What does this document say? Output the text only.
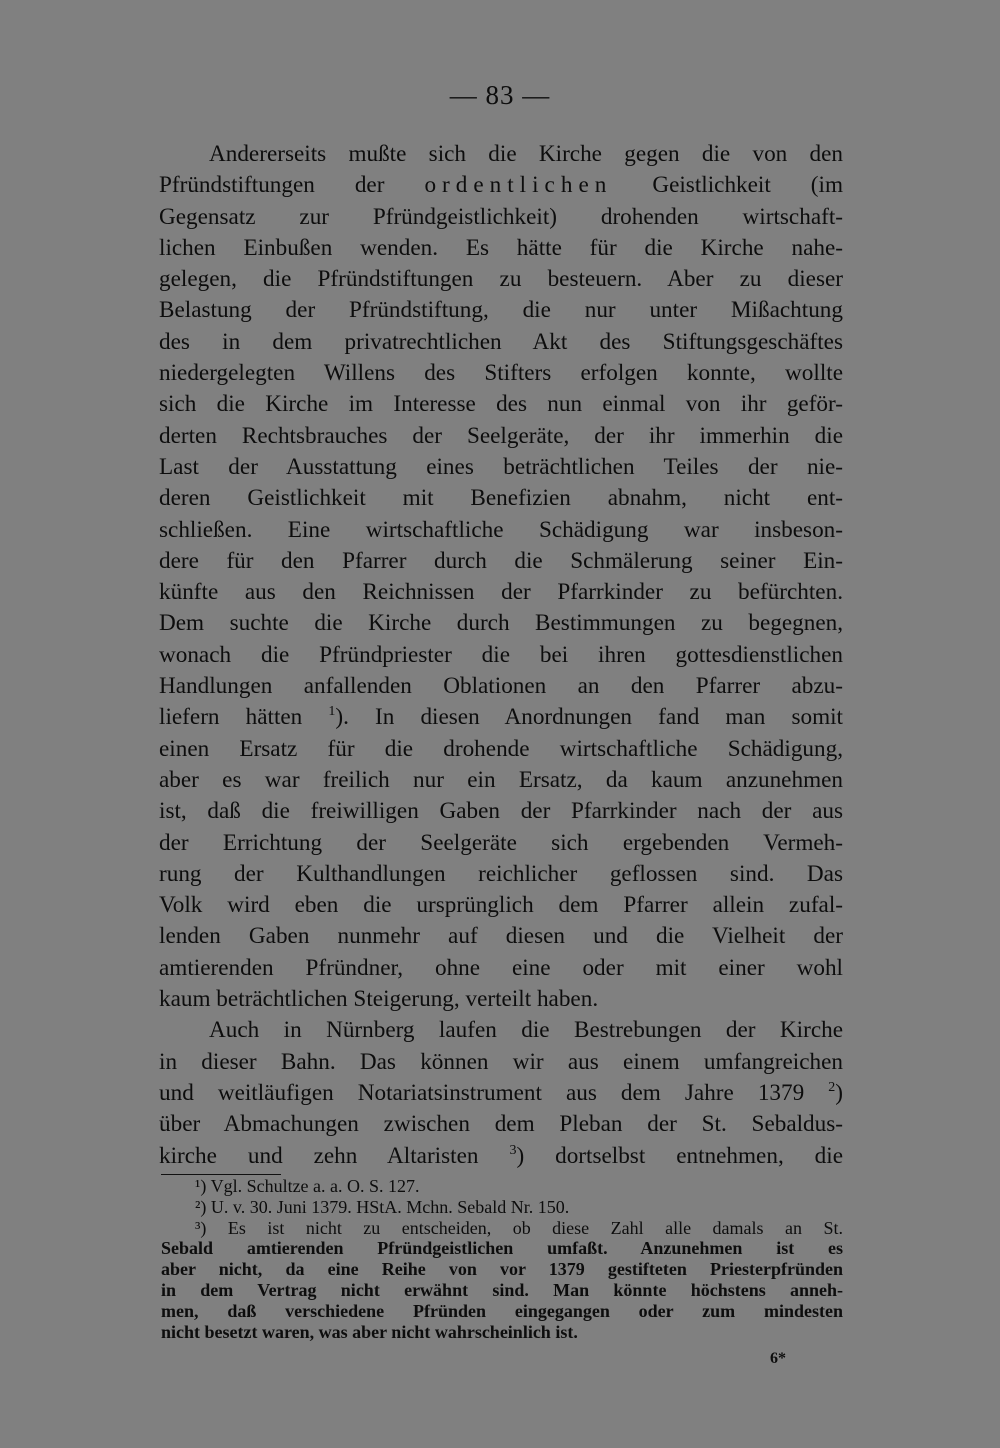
— 83 —
Andererseits mußte sich die Kirche gegen die von den
Pfründstiftungen der ordentlichen Geistlichkeit (im
Gegensatz zur Pfründgeistlichkeit) drohenden wirtschaft-
lichen Einbußen wenden. Es hätte für die Kirche nahe-
gelegen, die Pfründstiftungen zu besteuern. Aber zu dieser
Belastung der Pfründstiftung, die nur unter Mißachtung
des in dem privatrechtlichen Akt des Stiftungsgeschäftes
niedergelegten Willens des Stifters erfolgen konnte, wollte
sich die Kirche im Interesse des nun einmal von ihr geför-
derten Rechtsbrauches der Seelgeräte, der ihr immerhin die
Last der Ausstattung eines beträchtlichen Teiles der nie-
deren Geistlichkeit mit Benefizien abnahm, nicht ent-
schließen. Eine wirtschaftliche Schädigung war insbeson-
dere für den Pfarrer durch die Schmälerung seiner Ein-
künfte aus den Reichnissen der Pfarrkinder zu befürchten.
Dem suchte die Kirche durch Bestimmungen zu begegnen,
wonach die Pfründpriester die bei ihren gottesdienstlichen
Handlungen anfallenden Oblationen an den Pfarrer abzu-
liefern hätten $^1$). In diesen Anordnungen fand man somit
einen Ersatz für die drohende wirtschaftliche Schädigung,
aber es war freilich nur ein Ersatz, da kaum anzunehmen
ist, daß die freiwilligen Gaben der Pfarrkinder nach der aus
der Errichtung der Seelgeräte sich ergebenden Vermeh-
rung der Kulthandlungen reichlicher geflossen sind. Das
Volk wird eben die ursprünglich dem Pfarrer allein zufal-
lenden Gaben nunmehr auf diesen und die Vielheit der
amtierenden Pfründner, ohne eine oder mit einer wohl
kaum beträchtlichen Steigerung, verteilt haben.
Auch in Nürnberg laufen die Bestrebungen der Kirche
in dieser Bahn. Das können wir aus einem umfangreichen
und weitläufigen Notariatsinstrument aus dem Jahre 1379 $^2$)
über Abmachungen zwischen dem Pleban der St. Sebaldus-
kirche und zehn Altaristen $^3$) dortselbst entnehmen, die
¹) Vgl. Schultze a. a. O. S. 127.
²) U. v. 30. Juni 1379. HStA. Mchn. Sebald Nr. 150.
³) Es ist nicht zu entscheiden, ob diese Zahl alle damals an St.
Sebald amtierenden Pfründgeistlichen umfaßt. Anzunehmen ist es
aber nicht, da eine Reihe von vor 1379 gestifteten Priesterpfründen
in dem Vertrag nicht erwähnt sind. Man könnte höchstens anneh-
men, daß verschiedene Pfründen eingegangen oder zum mindesten
nicht besetzt waren, was aber nicht wahrscheinlich ist.
6*
